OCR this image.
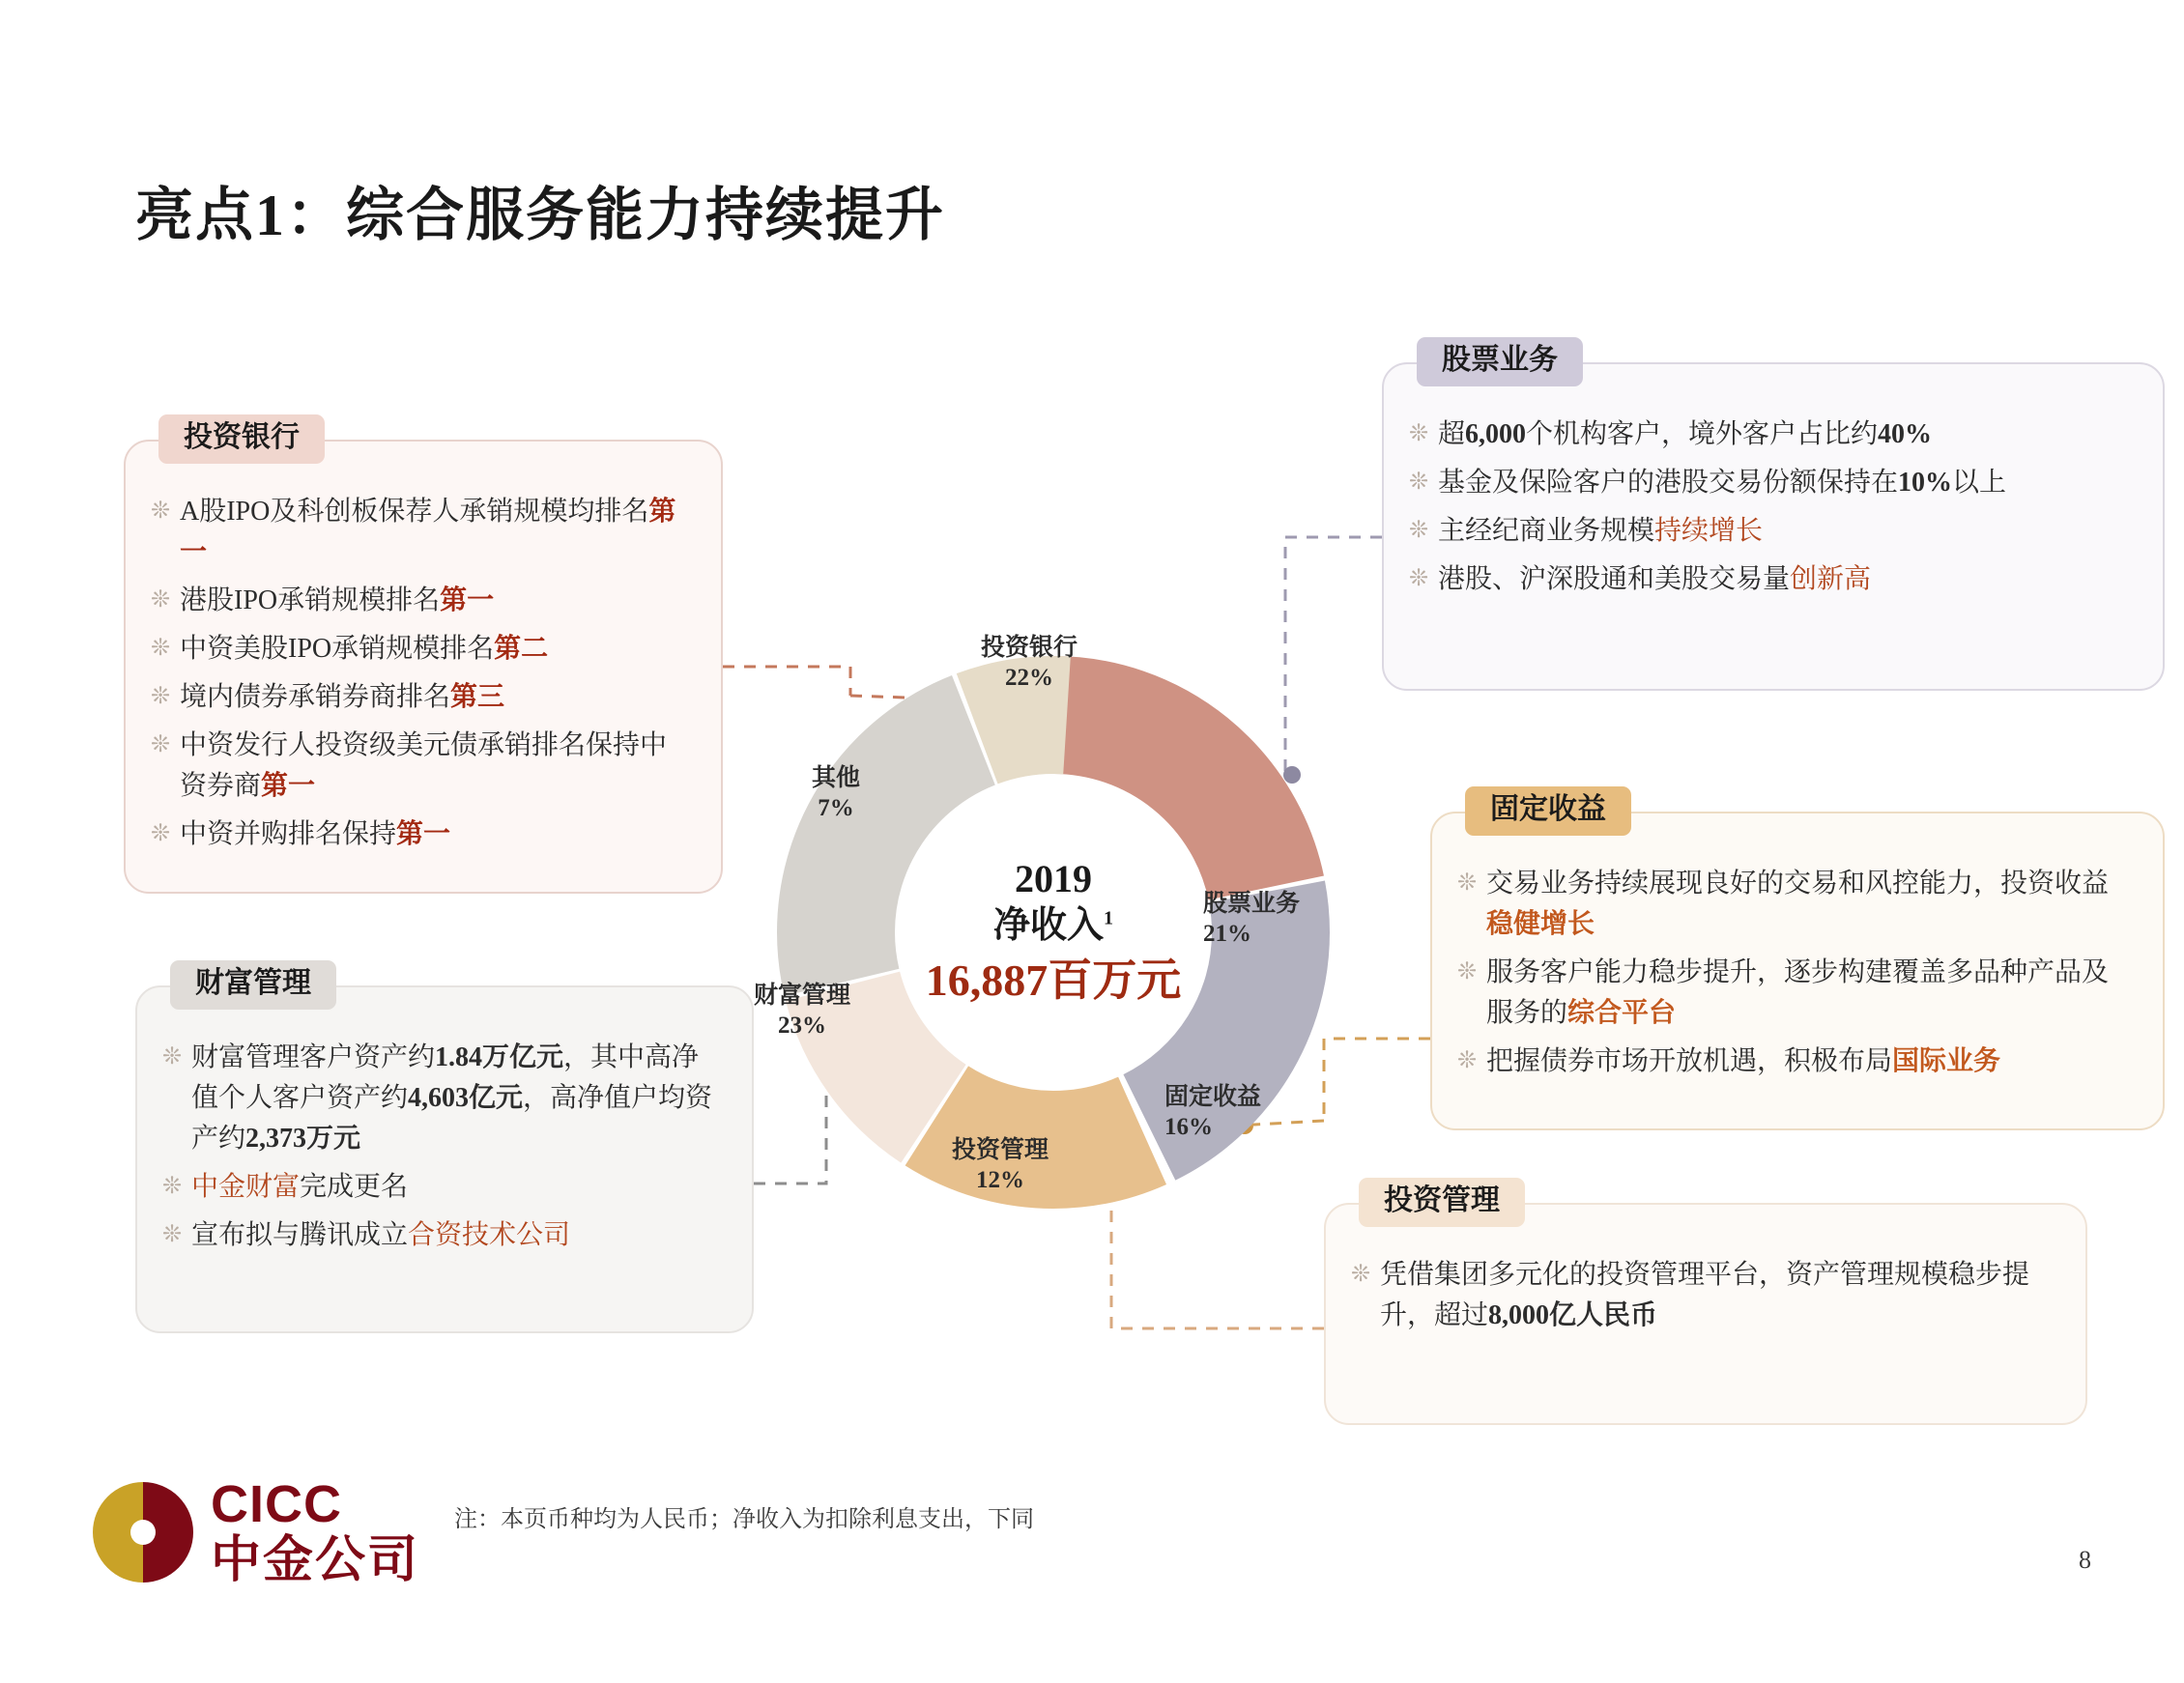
亮点1：综合服务能力持续提升
2019
净收入$^1$
16,887百万元
投资银行
22%
股票业务
21%
固定收益
16%
投资管理
12%
财富管理
23%
其他
7%
投资银行
❊ A股IPO及科创板保荐人承销规模均排名第一
❊ 港股IPO承销规模排名第一
❊ 中资美股IPO承销规模排名第二
❊ 境内债券承销券商排名第三
❊ 中资发行人投资级美元债承销排名保持中资券商第一
❊ 中资并购排名保持第一
财富管理
❊ 财富管理客户资产约1.84万亿元，其中高净值个人客户资产约4,603亿元，高净值户均资产约2,373万元
❊ 中金财富完成更名
❊ 宣布拟与腾讯成立合资技术公司
股票业务
❊ 超6,000个机构客户，境外客户占比约40%
❊ 基金及保险客户的港股交易份额保持在10%以上
❊ 主经纪商业务规模持续增长
❊ 港股、沪深股通和美股交易量创新高
固定收益
❊ 交易业务持续展现良好的交易和风控能力，投资收益稳健增长
❊ 服务客户能力稳步提升，逐步构建覆盖多品种产品及服务的综合平台
❊ 把握债券市场开放机遇，积极布局国际业务
投资管理
❊ 凭借集团多元化的投资管理平台，资产管理规模稳步提升，超过8,000亿人民币
CICC
中金公司
注：本页币种均为人民币；净收入为扣除利息支出，下同
8
